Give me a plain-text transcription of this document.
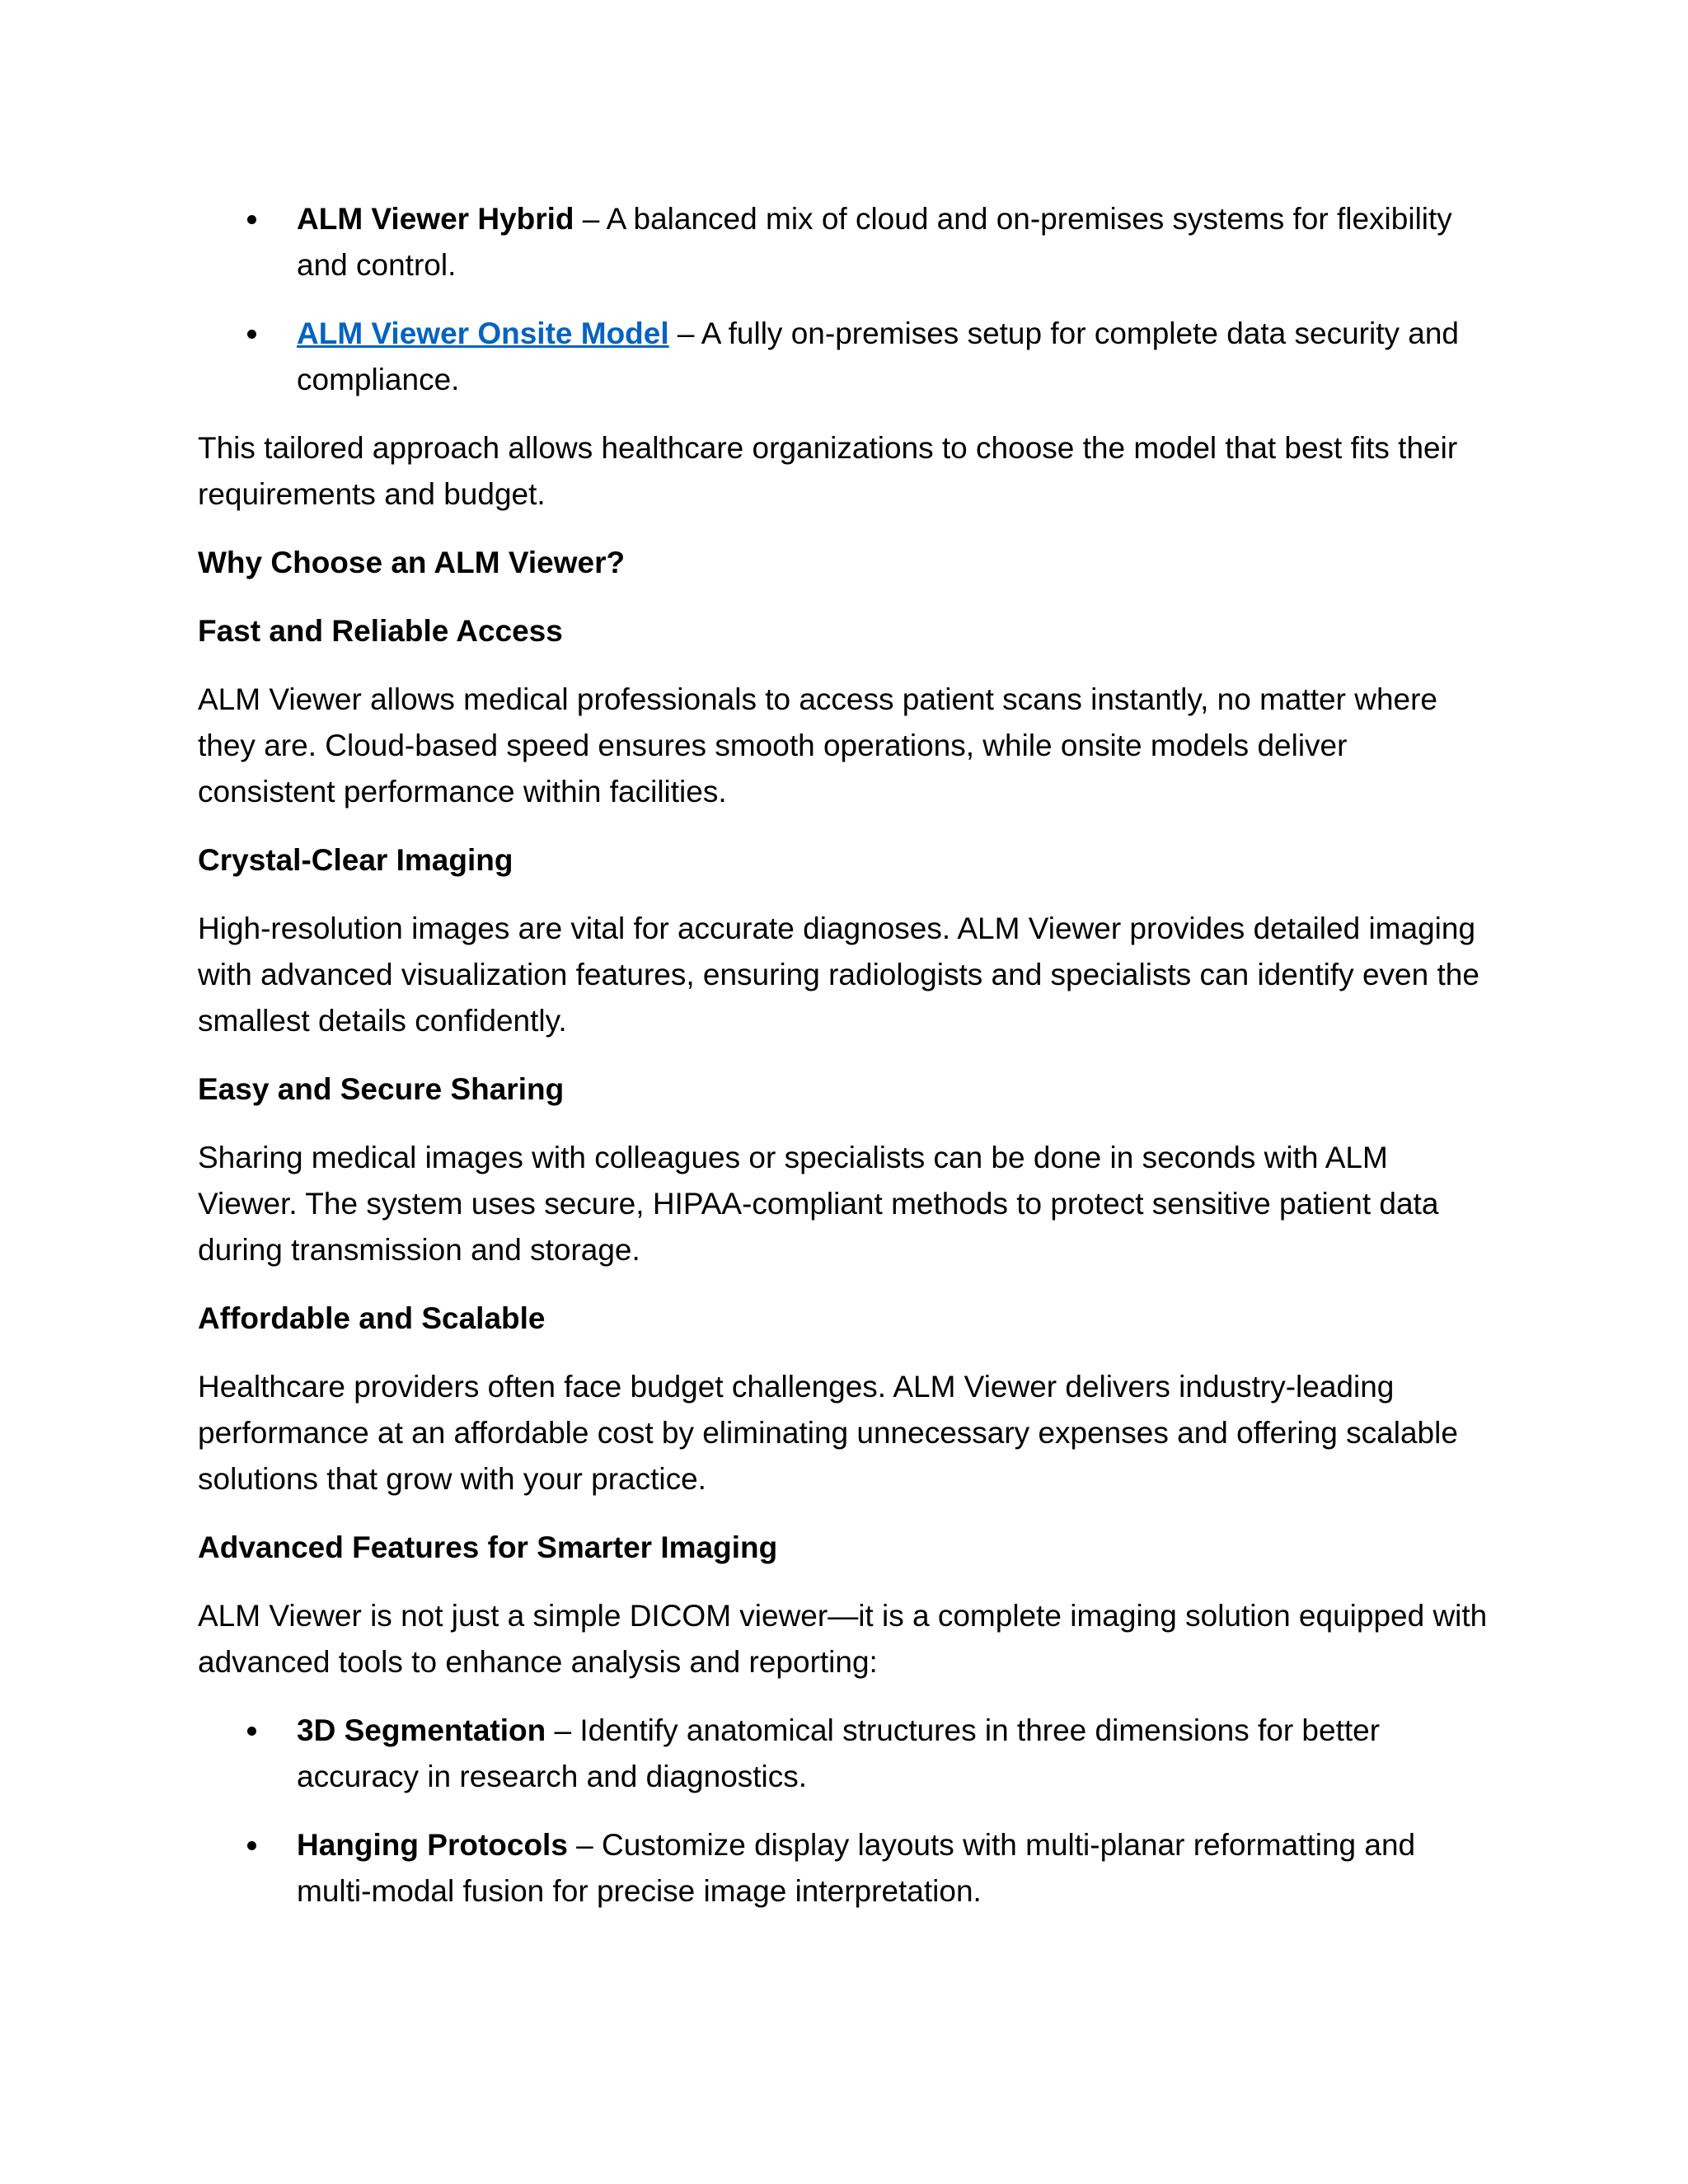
ALM Viewer Hybrid – A balanced mix of cloud and on-premises systems for flexibility and control.
ALM Viewer Onsite Model – A fully on-premises setup for complete data security and compliance.

This tailored approach allows healthcare organizations to choose the model that best fits their requirements and budget.

Why Choose an ALM Viewer?
Fast and Reliable Access

ALM Viewer allows medical professionals to access patient scans instantly, no matter where they are. Cloud-based speed ensures smooth operations, while onsite models deliver consistent performance within facilities.

Crystal-Clear Imaging

High-resolution images are vital for accurate diagnoses. ALM Viewer provides detailed imaging with advanced visualization features, ensuring radiologists and specialists can identify even the smallest details confidently.

Easy and Secure Sharing

Sharing medical images with colleagues or specialists can be done in seconds with ALM Viewer. The system uses secure, HIPAA-compliant methods to protect sensitive patient data during transmission and storage.

Affordable and Scalable

Healthcare providers often face budget challenges. ALM Viewer delivers industry-leading performance at an affordable cost by eliminating unnecessary expenses and offering scalable solutions that grow with your practice.

Advanced Features for Smarter Imaging

ALM Viewer is not just a simple DICOM viewer—it is a complete imaging solution equipped with advanced tools to enhance analysis and reporting:

3D Segmentation – Identify anatomical structures in three dimensions for better accuracy in research and diagnostics.
Hanging Protocols – Customize display layouts with multi-planar reformatting and multi-modal fusion for precise image interpretation.
